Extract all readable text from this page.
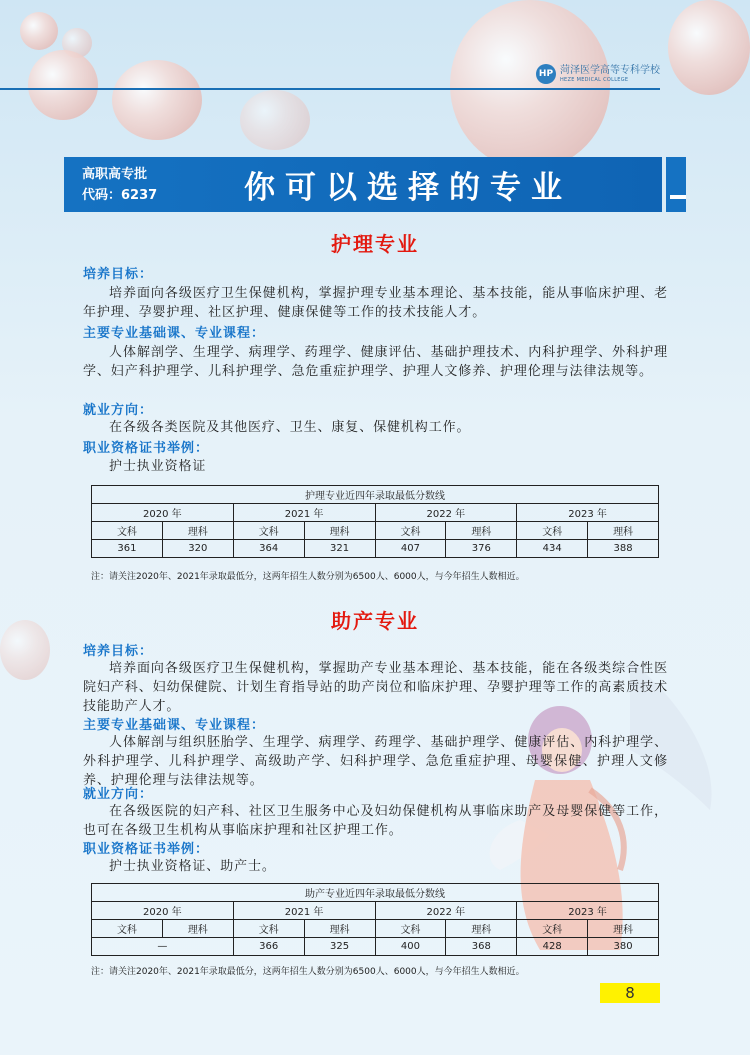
HP 菏泽医学高等专科学校
HEZE MEDICAL COLLEGE
高职高专批
代码：6237	你可以选择的专业
护理专业
培养目标：
培养面向各级医疗卫生保健机构，掌握护理专业基本理论、基本技能，能从事临床护理、老年护理、孕婴护理、社区护理、健康保健等工作的技术技能人才。
主要专业基础课、专业课程：
人体解剖学、生理学、病理学、药理学、健康评估、基础护理技术、内科护理学、外科护理学、妇产科护理学、儿科护理学、急危重症护理学、护理人文修养、护理伦理与法律法规等。
就业方向：
在各级各类医院及其他医疗、卫生、康复、保健机构工作。
职业资格证书举例：
护士执业资格证
护理专业近四年录取最低分数线							
2020 年		2021 年		2022 年		2023 年	
文科	理科	文科	理科	文科	理科	文科	理科
361	320	364	321	407	376	434	388
注：请关注2020年、2021年录取最低分，这两年招生人数分别为6500人、6000人，与今年招生人数相近。
助产专业
培养目标：
培养面向各级医疗卫生保健机构，掌握助产专业基本理论、基本技能，能在各级类综合性医院妇产科、妇幼保健院、计划生育指导站的助产岗位和临床护理、孕婴护理等工作的高素质技术技能助产人才。
主要专业基础课、专业课程：
人体解剖与组织胚胎学、生理学、病理学、药理学、基础护理学、健康评估、内科护理学、外科护理学、儿科护理学、高级助产学、妇科护理学、急危重症护理、母婴保健、护理人文修养、护理伦理与法律法规等。
就业方向：
在各级医院的妇产科、社区卫生服务中心及妇幼保健机构从事临床助产及母婴保健等工作，也可在各级卫生机构从事临床护理和社区护理工作。
职业资格证书举例：
护士执业资格证、助产士。
助产专业近四年录取最低分数线							
2020 年		2021 年		2022 年		2023 年	
文科	理科	文科	理科	文科	理科	文科	理科
—		366	325	400	368	428	380
注：请关注2020年、2021年录取最低分，这两年招生人数分别为6500人、6000人，与今年招生人数相近。
8
